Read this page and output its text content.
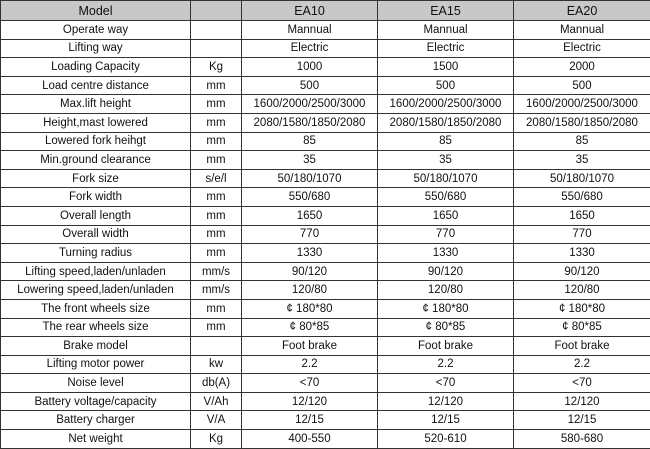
Model		EA10	EA15	EA20
Operate way		Mannual	Mannual	Mannual
Lifting way		Electric	Electric	Electric
Loading Capacity	Kg	1000	1500	2000
Load centre distance	mm	500	500	500
Max.lift height	mm	1600/2000/2500/3000	1600/2000/2500/3000	1600/2000/2500/3000
Height,mast lowered	mm	2080/1580/1850/2080	2080/1580/1850/2080	2080/1580/1850/2080
Lowered fork heihgt	mm	85	85	85
Min.ground clearance	mm	35	35	35
Fork size	s/e/l	50/180/1070	50/180/1070	50/180/1070
Fork width	mm	550/680	550/680	550/680
Overall length	mm	1650	1650	1650
Overall width	mm	770	770	770
Turning radius	mm	1330	1330	1330
Lifting speed,laden/unladen	mm/s	90/120	90/120	90/120
Lowering speed,laden/unladen	mm/s	120/80	120/80	120/80
The front wheels size	mm	¢ 180*80	¢ 180*80	¢ 180*80
The rear wheels size	mm	¢ 80*85	¢ 80*85	¢ 80*85
Brake model		Foot brake	Foot brake	Foot brake
Lifting motor power	kw	2.2	2.2	2.2
Noise level	db(A)	<70	<70	<70
Battery voltage/capacity	V/Ah	12/120	12/120	12/120
Battery charger	V/A	12/15	12/15	12/15
Net weight	Kg	400-550	520-610	580-680
